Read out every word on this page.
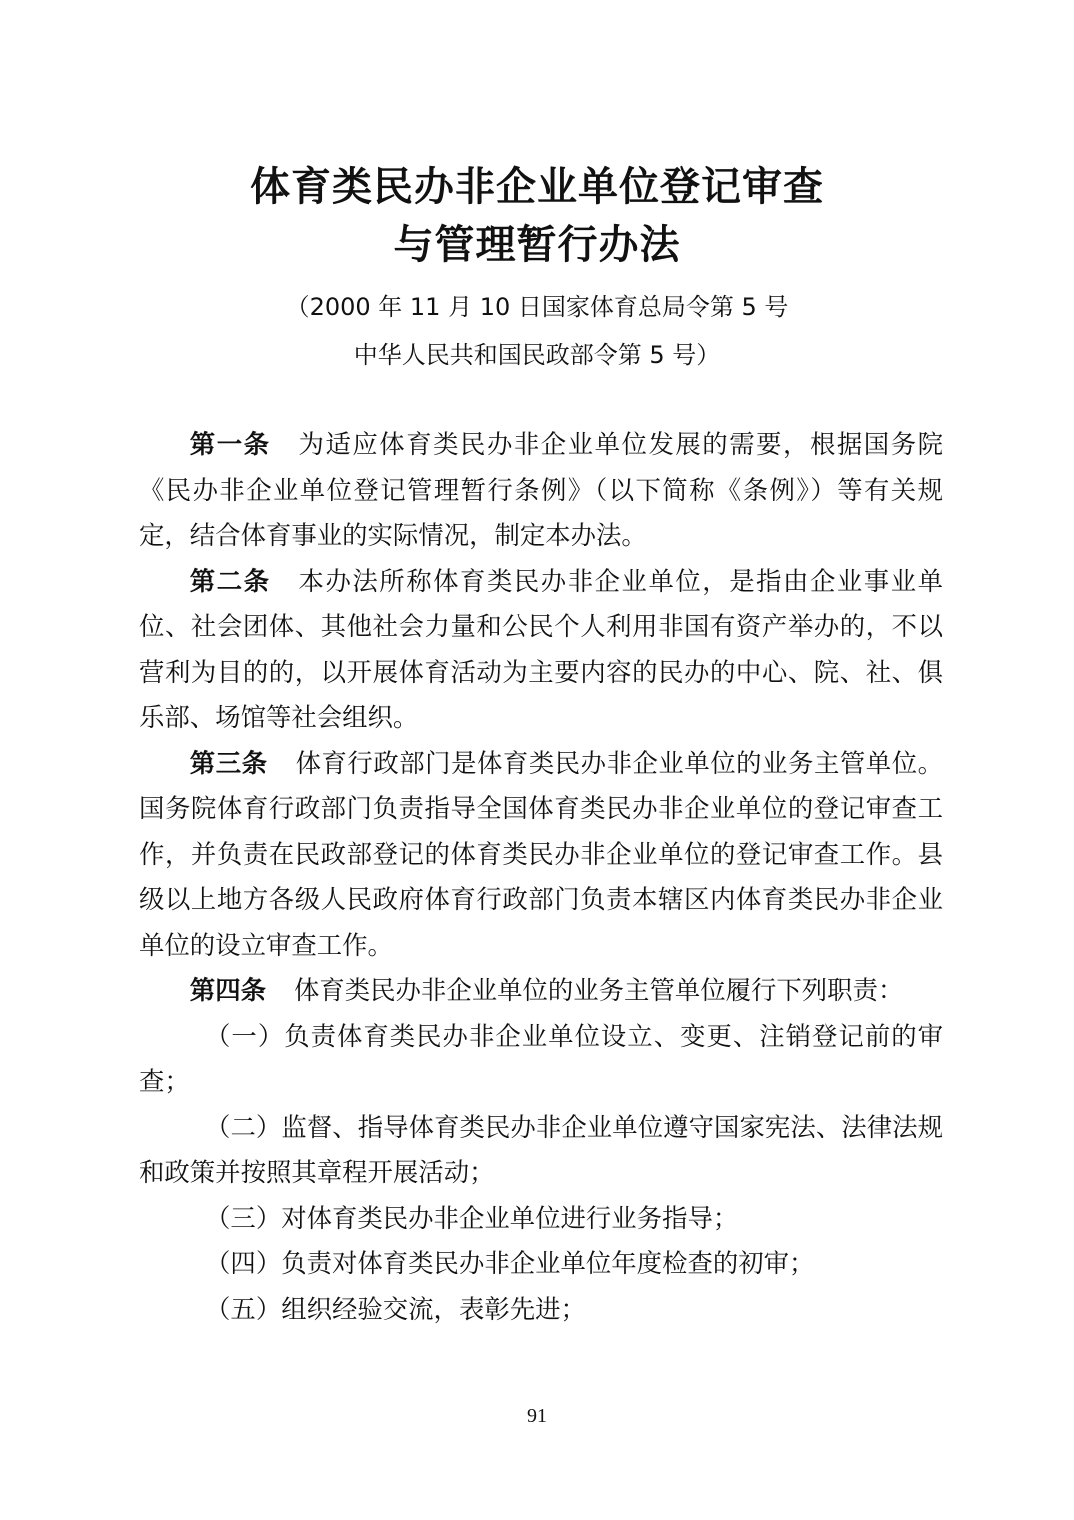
体育类民办非企业单位登记审查
与管理暂行办法

（2000 年 11 月 10 日国家体育总局令第 5 号

中华人民共和国民政部令第 5 号）

第一条 为适应体育类民办非企业单位发展的需要，根据国务院《民办非企业单位登记管理暂行条例》（以下简称《条例》）等有关规定，结合体育事业的实际情况，制定本办法。

第二条 本办法所称体育类民办非企业单位，是指由企业事业单位、社会团体、其他社会力量和公民个人利用非国有资产举办的，不以营利为目的的，以开展体育活动为主要内容的民办的中心、院、社、俱乐部、场馆等社会组织。

第三条 体育行政部门是体育类民办非企业单位的业务主管单位。国务院体育行政部门负责指导全国体育类民办非企业单位的登记审查工作，并负责在民政部登记的体育类民办非企业单位的登记审查工作。县级以上地方各级人民政府体育行政部门负责本辖区内体育类民办非企业单位的设立审查工作。

第四条 体育类民办非企业单位的业务主管单位履行下列职责：

（一）负责体育类民办非企业单位设立、变更、注销登记前的审查；

（二）监督、指导体育类民办非企业单位遵守国家宪法、法律法规和政策并按照其章程开展活动；

（三）对体育类民办非企业单位进行业务指导；

（四）负责对体育类民办非企业单位年度检查的初审；

（五）组织经验交流，表彰先进；

91
